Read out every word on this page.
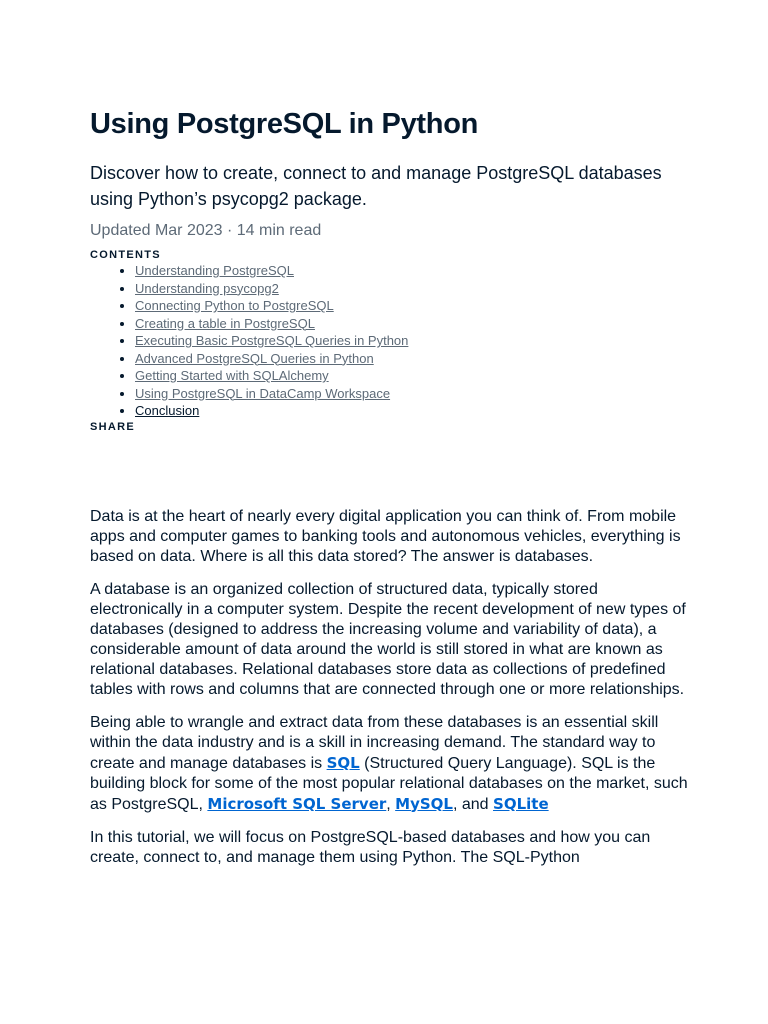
Using PostgreSQL in Python

Discover how to create, connect to and manage PostgreSQL databases using Python’s psycopg2 package.

Updated Mar 2023 · 14 min read

CONTENTS
• Understanding PostgreSQL
• Understanding psycopg2
• Connecting Python to PostgreSQL
• Creating a table in PostgreSQL
• Executing Basic PostgreSQL Queries in Python
• Advanced PostgreSQL Queries in Python
• Getting Started with SQLAlchemy
• Using PostgreSQL in DataCamp Workspace
• Conclusion
SHARE

Data is at the heart of nearly every digital application you can think of. From mobile apps and computer games to banking tools and autonomous vehicles, everything is based on data. Where is all this data stored? The answer is databases.

A database is an organized collection of structured data, typically stored electronically in a computer system. Despite the recent development of new types of databases (designed to address the increasing volume and variability of data), a considerable amount of data around the world is still stored in what are known as relational databases. Relational databases store data as collections of predefined tables with rows and columns that are connected through one or more relationships.

Being able to wrangle and extract data from these databases is an essential skill within the data industry and is a skill in increasing demand. The standard way to create and manage databases is SQL (Structured Query Language). SQL is the building block for some of the most popular relational databases on the market, such as PostgreSQL, Microsoft SQL Server, MySQL, and SQLite

In this tutorial, we will focus on PostgreSQL-based databases and how you can create, connect to, and manage them using Python. The SQL-Python
